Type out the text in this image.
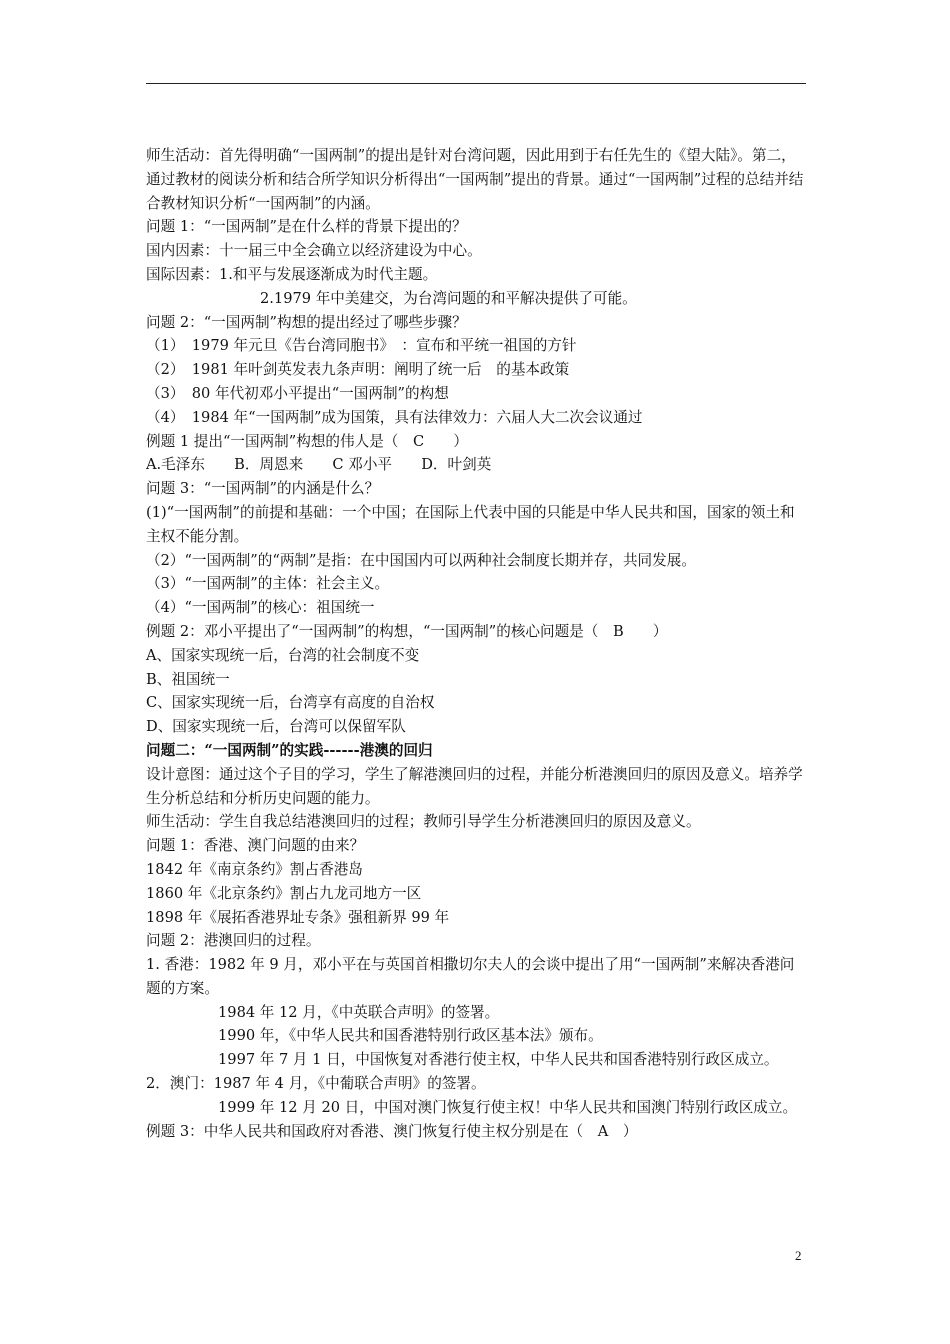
师生活动：首先得明确“一国两制”的提出是针对台湾问题，因此用到于右任先生的《望大陆》。第二，通过教材的阅读分析和结合所学知识分析得出“一国两制”提出的背景。通过“一国两制”过程的总结并结合教材知识分析“一国两制”的内涵。

问题 1：“一国两制”是在什么样的背景下提出的？

国内因素：十一届三中全会确立以经济建设为中心。

国际因素：1.和平与发展逐渐成为时代主题。

2.1979 年中美建交，为台湾问题的和平解决提供了可能。

问题 2：“一国两制”构想的提出经过了哪些步骤？

（1）　1979 年元旦《告台湾同胞书》　：宣布和平统一祖国的方针

（2）　1981 年叶剑英发表九条声明：阐明了统一后　的基本政策

（3）　80 年代初邓小平提出“一国两制”的构想

（4）　1984 年“一国两制”成为国策，具有法律效力：六届人大二次会议通过

例题 1 提出“一国两制”构想的伟人是（　C　　）

A.毛泽东　　B．周恩来　　C 邓小平　　D．叶剑英

问题 3：“一国两制”的内涵是什么？

(1)“一国两制”的前提和基础：一个中国；在国际上代表中国的只能是中华人民共和国，国家的领土和主权不能分割。

（2）“一国两制”的“两制”是指：在中国国内可以两种社会制度长期并存，共同发展。

（3）“一国两制”的主体：社会主义。

（4）“一国两制”的核心：祖国统一

例题 2：邓小平提出了“一国两制”的构想，“一国两制”的核心问题是（　B　　）

A、国家实现统一后，台湾的社会制度不变

B、祖国统一

C、国家实现统一后，台湾享有高度的自治权

D、国家实现统一后，台湾可以保留军队

问题二：“一国两制”的实践------港澳的回归

设计意图：通过这个子目的学习，学生了解港澳回归的过程，并能分析港澳回归的原因及意义。培养学生分析总结和分析历史问题的能力。

师生活动：学生自我总结港澳回归的过程；教师引导学生分析港澳回归的原因及意义。

问题 1：香港、澳门问题的由来？

1842 年《南京条约》割占香港岛

1860 年《北京条约》割占九龙司地方一区

1898 年《展拓香港界址专条》强租新界 99 年

问题 2：港澳回归的过程。

1. 香港：1982 年 9 月，邓小平在与英国首相撒切尔夫人的会谈中提出了用“一国两制”来解决香港问题的方案。

1984 年 12 月，《中英联合声明》的签署。

1990 年，《中华人民共和国香港特别行政区基本法》颁布。

1997 年 7 月 1 日，中国恢复对香港行使主权，中华人民共和国香港特别行政区成立。

2．澳门：1987 年 4 月，《中葡联合声明》的签署。

1999 年 12 月 20 日，中国对澳门恢复行使主权！中华人民共和国澳门特别行政区成立。

例题 3：中华人民共和国政府对香港、澳门恢复行使主权分别是在（　A　）

2
